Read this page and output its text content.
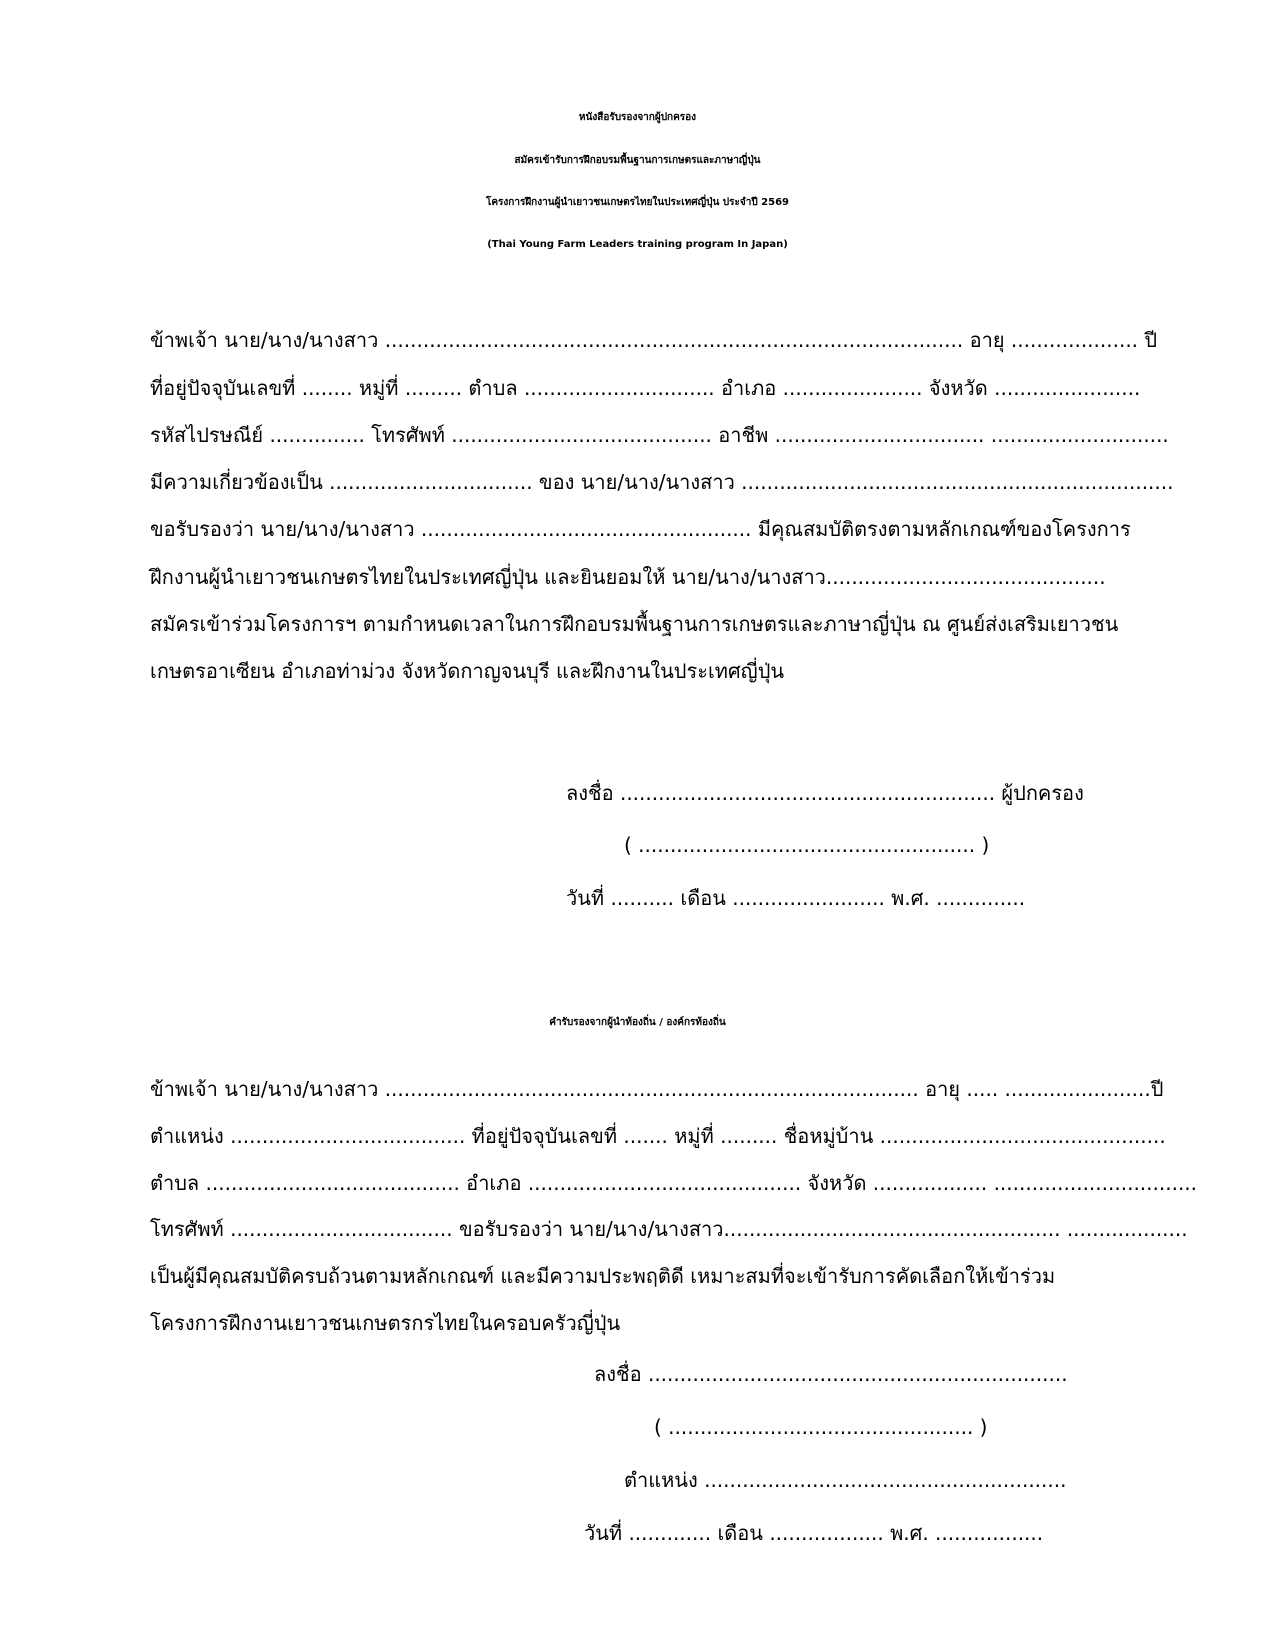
หนังสือรับรองจากผู้ปกครอง
สมัครเข้ารับการฝึกอบรมพื้นฐานการเกษตรและภาษาญี่ปุ่น
โครงการฝึกงานผู้นำเยาวชนเกษตรไทยในประเทศญี่ปุ่น ประจำปี 2569
(Thai Young Farm Leaders training program In Japan)
ข้าพเจ้า นาย/นาง/นางสาว ........................................................................................... อายุ .................... ปี
ที่อยู่ปัจจุบันเลขที่ ........ หมู่ที่ ......... ตำบล .............................. อำเภอ ...................... จังหวัด .......................
รหัสไปรษณีย์ ............... โทรศัพท์ ......................................... อาชีพ ................................. ............................
มีความเกี่ยวข้องเป็น ................................ ของ นาย/นาง/นางสาว ....................................................................
ขอรับรองว่า นาย/นาง/นางสาว .................................................... มีคุณสมบัติตรงตามหลักเกณฑ์ของโครงการ
ฝึกงานผู้นำเยาวชนเกษตรไทยในประเทศญี่ปุ่น และยินยอมให้ นาย/นาง/นางสาว............................................
สมัครเข้าร่วมโครงการฯ ตามกำหนดเวลาในการฝึกอบรมพื้นฐานการเกษตรและภาษาญี่ปุ่น ณ ศูนย์ส่งเสริมเยาวชน
เกษตรอาเซียน อำเภอท่าม่วง จังหวัดกาญจนบุรี และฝึกงานในประเทศญี่ปุ่น
ลงชื่อ ........................................................... ผู้ปกครอง
( ..................................................... )
วันที่ .......... เดือน ........................ พ.ศ. ..............
คำรับรองจากผู้นำท้องถิ่น / องค์กรท้องถิ่น
ข้าพเจ้า นาย/นาง/นางสาว .................................................................................... อายุ ..... .......................ปี
ตำแหน่ง ..................................... ที่อยู่ปัจจุบันเลขที่ ....... หมู่ที่ ......... ชื่อหมู่บ้าน .............................................
ตำบล ........................................ อำเภอ ........................................... จังหวัด .................. ................................
โทรศัพท์ ................................... ขอรับรองว่า นาย/นาง/นางสาว..................................................... ...................
เป็นผู้มีคุณสมบัติครบถ้วนตามหลักเกณฑ์ และมีความประพฤติดี เหมาะสมที่จะเข้ารับการคัดเลือกให้เข้าร่วม
โครงการฝึกงานเยาวชนเกษตรกรไทยในครอบครัวญี่ปุ่น
ลงชื่อ ..................................................................
( ................................................ )
ตำแหน่ง .........................................................
วันที่ ............. เดือน .................. พ.ศ. .................
